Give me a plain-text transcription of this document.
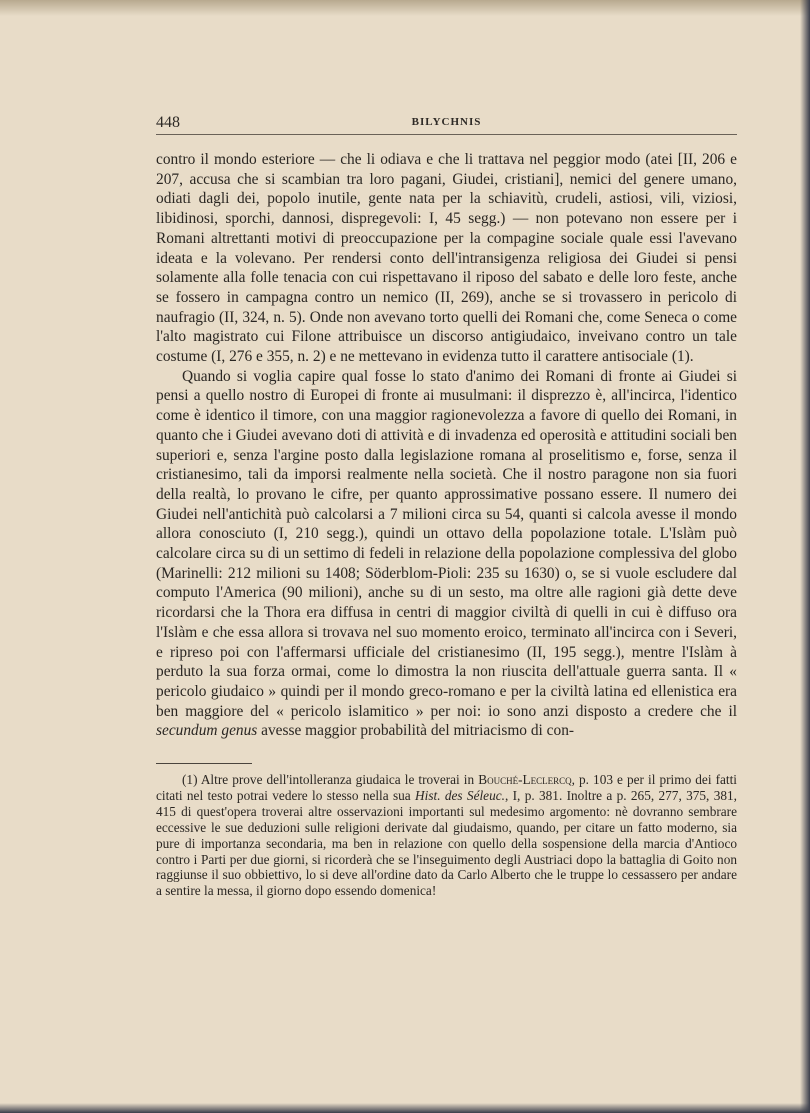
448	BILYCHNIS

contro il mondo esteriore — che li odiava e che li trattava nel peggior modo (atei [II, 206 e 207, accusa che si scambian tra loro pagani, Giudei, cristiani], nemici del genere umano, odiati dagli dei, popolo inutile, gente nata per la schiavitù, crudeli, astiosi, vili, viziosi, libidinosi, sporchi, dannosi, dispregevoli: I, 45 segg.) — non potevano non essere per i Romani altrettanti motivi di preoccupazione per la compagine sociale quale essi l'avevano ideata e la volevano. Per rendersi conto dell'intransigenza religiosa dei Giudei si pensi solamente alla folle tenacia con cui rispettavano il riposo del sabato e delle loro feste, anche se fossero in campagna contro un nemico (II, 269), anche se si trovassero in pericolo di naufragio (II, 324, n. 5). Onde non avevano torto quelli dei Romani che, come Seneca o come l'alto magistrato cui Filone attribuisce un discorso antigiudaico, inveivano contro un tale costume (I, 276 e 355, n. 2) e ne mettevano in evidenza tutto il carattere antisociale (1).

Quando si voglia capire qual fosse lo stato d'animo dei Romani di fronte ai Giudei si pensi a quello nostro di Europei di fronte ai musulmani: il disprezzo è, all'incirca, l'identico come è identico il timore, con una maggior ragionevolezza a favore di quello dei Romani, in quanto che i Giudei avevano doti di attività e di invadenza ed operosità e attitudini sociali ben superiori e, senza l'argine posto dalla legislazione romana al proselitismo e, forse, senza il cristianesimo, tali da imporsi realmente nella società. Che il nostro paragone non sia fuori della realtà, lo provano le cifre, per quanto approssimative possano essere. Il numero dei Giudei nell'antichità può calcolarsi a 7 milioni circa su 54, quanti si calcola avesse il mondo allora conosciuto (I, 210 segg.), quindi un ottavo della popolazione totale. L'Islàm può calcolare circa su di un settimo di fedeli in relazione della popolazione complessiva del globo (Marinelli: 212 milioni su 1408; Söderblom-Pioli: 235 su 1630) o, se si vuole escludere dal computo l'America (90 milioni), anche su di un sesto, ma oltre alle ragioni già dette deve ricordarsi che la Thora era diffusa in centri di maggior civiltà di quelli in cui è diffuso ora l'Islàm e che essa allora si trovava nel suo momento eroico, terminato all'incirca con i Severi, e ripreso poi con l'affermarsi ufficiale del cristianesimo (II, 195 segg.), mentre l'Islàm à perduto la sua forza ormai, come lo dimostra la non riuscita dell'attuale guerra santa. Il « pericolo giudaico » quindi per il mondo greco-romano e per la civiltà latina ed ellenistica era ben maggiore del « pericolo islamitico » per noi: io sono anzi disposto a credere che il secundum genus avesse maggior probabilità del mitriacismo di con-

(1) Altre prove dell'intolleranza giudaica le troverai in Bouché-Leclercq, p. 103 e per il primo dei fatti citati nel testo potrai vedere lo stesso nella sua Hist. des Séleuc., I, p. 381. Inoltre a p. 265, 277, 375, 381, 415 di quest'opera troverai altre osservazioni importanti sul medesimo argomento: nè dovranno sembrare eccessive le sue deduzioni sulle religioni derivate dal giudaismo, quando, per citare un fatto moderno, sia pure di importanza secondaria, ma ben in relazione con quello della sospensione della marcia d'Antioco contro i Parti per due giorni, si ricorderà che se l'inseguimento degli Austriaci dopo la battaglia di Goito non raggiunse il suo obbiettivo, lo si deve all'ordine dato da Carlo Alberto che le truppe lo cessassero per andare a sentire la messa, il giorno dopo essendo domenica!
